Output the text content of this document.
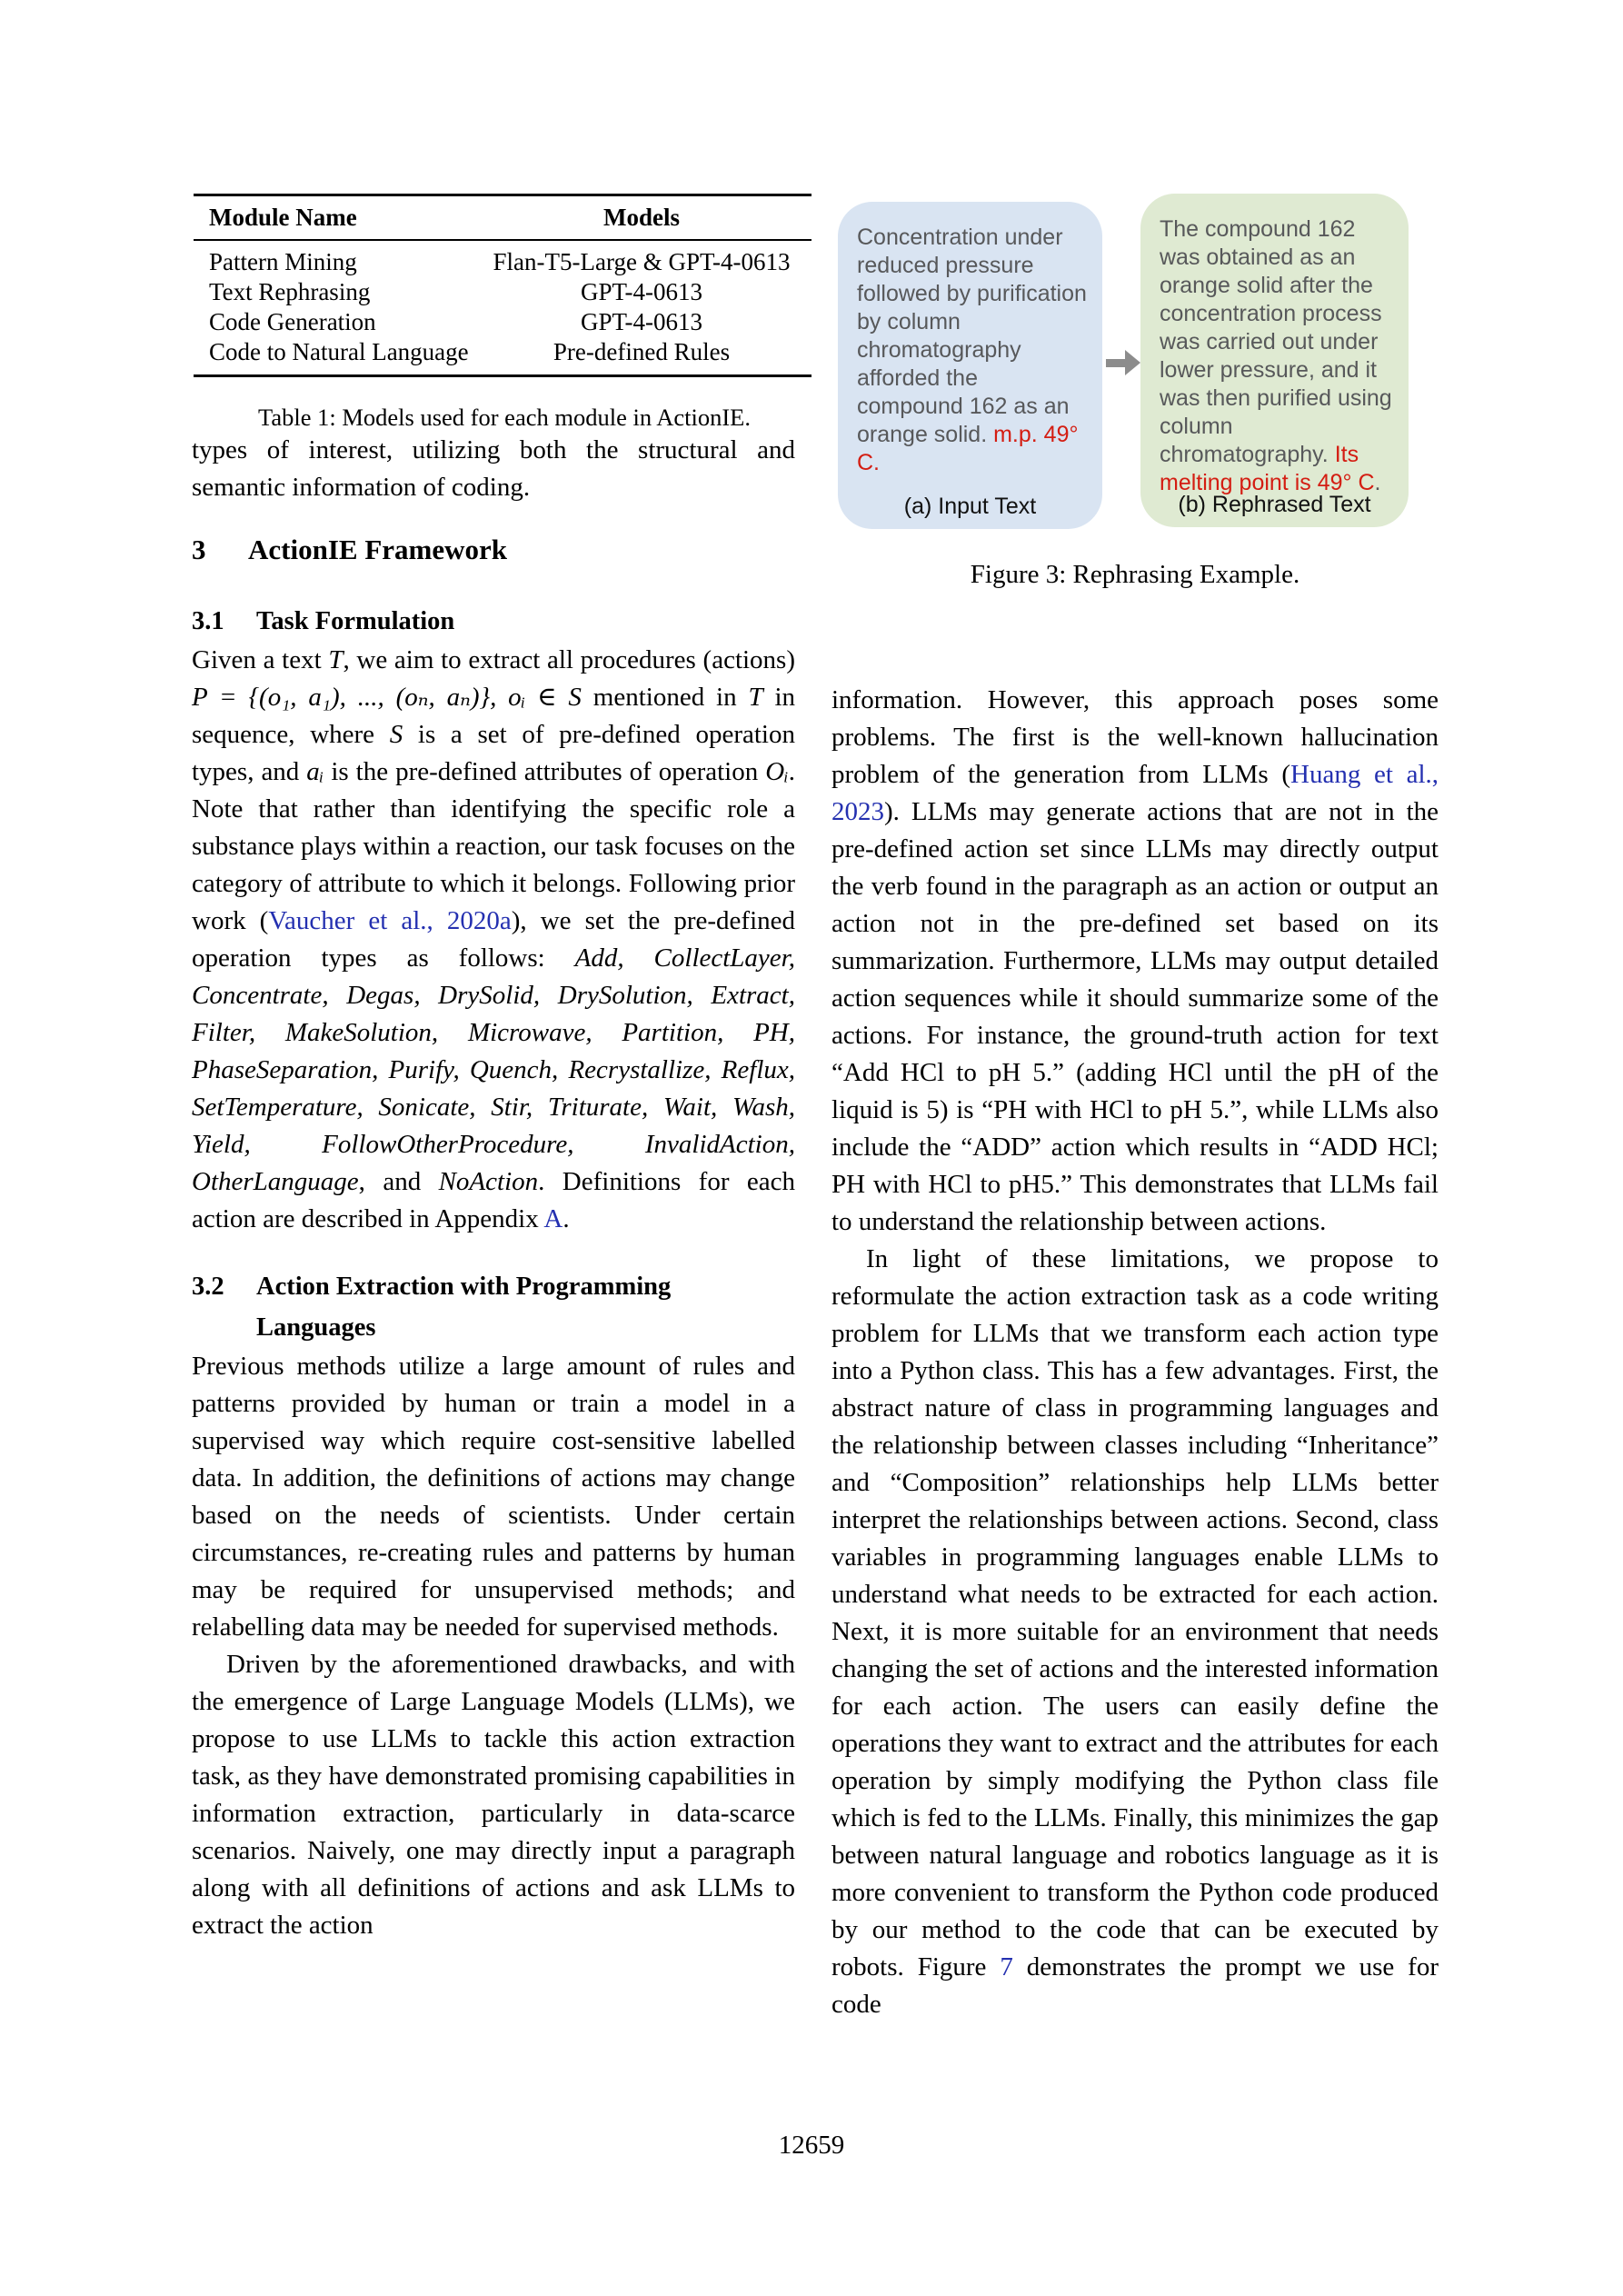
Module Name	Models
Pattern Mining	Flan-T5-Large & GPT-4-0613
Text Rephrasing	GPT-4-0613
Code Generation	GPT-4-0613
Code to Natural Language	Pre-defined Rules
Table 1: Models used for each module in ActionIE.

types of interest, utilizing both the structural and semantic information of coding.

3 ActionIE Framework
3.1 Task Formulation

Given a text T, we aim to extract all procedures (actions) P = {(o₁, a₁), ..., (oₙ, aₙ)}, oᵢ ∈ S mentioned in T in sequence, where S is a set of pre-defined operation types, and aᵢ is the pre-defined attributes of operation Oᵢ. Note that rather than identifying the specific role a substance plays within a reaction, our task focuses on the category of attribute to which it belongs. Following prior work (Vaucher et al., 2020a), we set the pre-defined operation types as follows: Add, CollectLayer, Concentrate, Degas, DrySolid, DrySolution, Extract, Filter, MakeSolution, Microwave, Partition, PH, PhaseSeparation, Purify, Quench, Recrystallize, Reflux, SetTemperature, Sonicate, Stir, Triturate, Wait, Wash, Yield, FollowOtherProcedure, InvalidAction, OtherLanguage, and NoAction. Definitions for each action are described in Appendix A.

3.2 Action Extraction with Programming Languages

Previous methods utilize a large amount of rules and patterns provided by human or train a model in a supervised way which require cost-sensitive labelled data. In addition, the definitions of actions may change based on the needs of scientists. Under certain circumstances, re-creating rules and patterns by human may be required for unsupervised methods; and relabelling data may be needed for supervised methods.

Driven by the aforementioned drawbacks, and with the emergence of Large Language Models (LLMs), we propose to use LLMs to tackle this action extraction task, as they have demonstrated promising capabilities in information extraction, particularly in data-scarce scenarios. Naively, one may directly input a paragraph along with all definitions of actions and ask LLMs to extract the action

Concentration under reduced pressure followed by purification by column chromatography afforded the compound 162 as an orange solid. m.p. 49° C.
(a) Input Text
The compound 162 was obtained as an orange solid after the concentration process was carried out under lower pressure, and it was then purified using column chromatography. Its melting point is 49° C.
(b) Rephrased Text
Figure 3: Rephrasing Example.

information. However, this approach poses some problems. The first is the well-known hallucination problem of the generation from LLMs (Huang et al., 2023). LLMs may generate actions that are not in the pre-defined action set since LLMs may directly output the verb found in the paragraph as an action or output an action not in the pre-defined set based on its summarization. Furthermore, LLMs may output detailed action sequences while it should summarize some of the actions. For instance, the ground-truth action for text “Add HCl to pH 5.” (adding HCl until the pH of the liquid is 5) is “PH with HCl to pH 5.”, while LLMs also include the “ADD” action which results in “ADD HCl; PH with HCl to pH5.” This demonstrates that LLMs fail to understand the relationship between actions.

In light of these limitations, we propose to reformulate the action extraction task as a code writing problem for LLMs that we transform each action type into a Python class. This has a few advantages. First, the abstract nature of class in programming languages and the relationship between classes including “Inheritance” and “Composition” relationships help LLMs better interpret the relationships between actions. Second, class variables in programming languages enable LLMs to understand what needs to be extracted for each action. Next, it is more suitable for an environment that needs changing the set of actions and the interested information for each action. The users can easily define the operations they want to extract and the attributes for each operation by simply modifying the Python class file which is fed to the LLMs. Finally, this minimizes the gap between natural language and robotics language as it is more convenient to transform the Python code produced by our method to the code that can be executed by robots. Figure 7 demonstrates the prompt we use for code

12659
